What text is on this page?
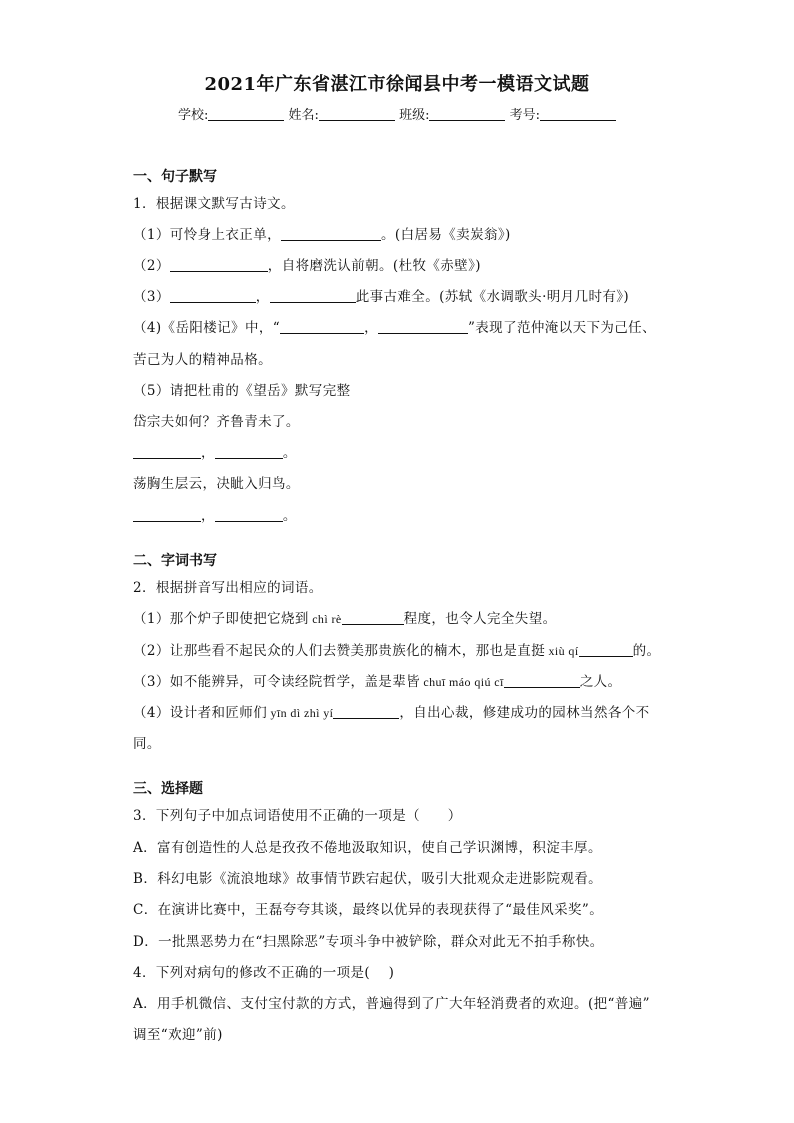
2021年广东省湛江市徐闻县中考一模语文试题
学校:	姓名:	班级:	考号:
一、句子默写
1．根据课文默写古诗文。
（1）可怜身上衣正单，	。(白居易《卖炭翁》)
（2）	，自将磨洗认前朝。(杜牧《赤壁》)
（3）	，	此事古难全。(苏轼《水调歌头·明月几时有》)
（4)《岳阳楼记》中，“	，	”表现了范仲淹以天下为己任、
苦己为人的精神品格。
（5）请把杜甫的《望岳》默写完整
岱宗夫如何？齐鲁青未了。
，	。
荡胸生层云，决眦入归鸟。
，	。
二、字词书写
2．根据拼音写出相应的词语。
（1）那个炉子即使把它烧到 chì rè	程度，也令人完全失望。
（2）让那些看不起民众的人们去赞美那贵族化的楠木，那也是直挺 xiù qí	的。
（3）如不能辨异，可令读经院哲学，盖是辈皆 chuī máo qiú cī	之人。
（4）设计者和匠师们 yīn dì zhì yí	，自出心裁，修建成功的园林当然各个不
同。
三、选择题
3．下列句子中加点词语使用不正确的一项是（　　）
A．富有创造性的人总是孜孜不倦地汲取知识，使自己学识渊博，积淀丰厚。
B．科幻电影《流浪地球》故事情节跌宕起伏，吸引大批观众走进影院观看。
C．在演讲比赛中，王磊夸夸其谈，最终以优异的表现获得了“最佳风采奖”。
D．一批黑恶势力在“扫黑除恶”专项斗争中被铲除，群众对此无不拍手称快。
4．下列对病句的修改不正确的一项是(　 )
A．用手机微信、支付宝付款的方式，普遍得到了广大年轻消费者的欢迎。(把“普遍”
调至“欢迎”前)
